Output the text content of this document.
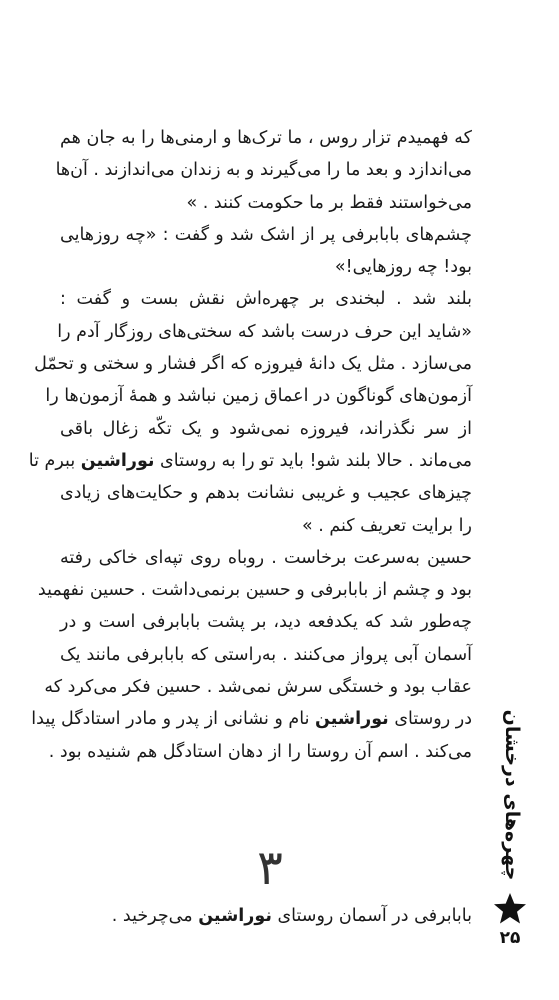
که فهمیدم تزار روس ، ما ترک‌ها و ارمنی‌ها را به جان هم
می‌اندازد و بعد ما را می‌گیرند و به زندان می‌اندازند . آن‌ها
می‌خواستند فقط بر ما حکومت کنند . »
چشم‌های بابابرفی پر از اشک شد و گفت : «چه روزهایی
بود! چه روزهایی!»
بلند شد . لبخندی بر چهره‌اش نقش بست و گفت :
«شاید این حرف درست باشد که سختی‌های روزگار آدم را
می‌سازد . مثل یک دانهٔ فیروزه که اگر فشار و سختی و تحمّل
آزمون‌های گوناگون در اعماق زمین نباشد و همهٔ آزمون‌ها را
از سر نگذراند، فیروزه نمی‌شود و یک تکّه زغال باقی
می‌ماند . حالا بلند شو! باید تو را به روستای نوراشین ببرم تا
چیزهای عجیب و غریبی نشانت بدهم و حکایت‌های زیادی
را برایت تعریف کنم . »
حسین به‌سرعت برخاست . روباه روی تپه‌ای خاکی رفته
بود و چشم از بابابرفی و حسین برنمی‌داشت . حسین نفهمید
چه‌طور شد که یکدفعه دید، بر پشت بابابرفی است و در
آسمان آبی پرواز می‌کنند . به‌راستی که بابابرفی مانند یک
عقاب بود و خستگی سرش نمی‌شد . حسین فکر می‌کرد که
در روستای نوراشین نام و نشانی از پدر و مادر استادگل پیدا
می‌کند . اسم آن روستا را از دهان استادگل هم شنیده بود .
۳
بابابرفی در آسمان روستای نوراشین می‌چرخید .
چهره‌های درخشان
۲۵
